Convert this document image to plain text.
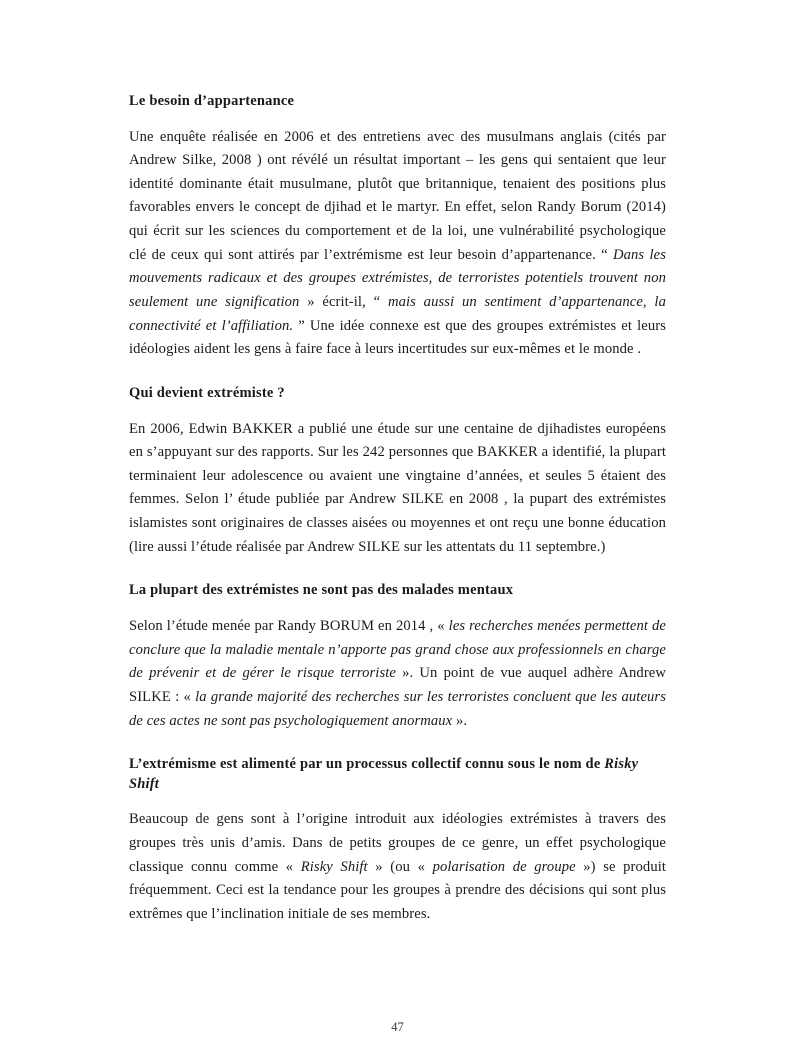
Le besoin d’appartenance

Une enquête réalisée en 2006 et des entretiens avec des musulmans anglais (cités par Andrew Silke, 2008 ) ont révélé un résultat important – les gens qui sentaient que leur identité dominante était musulmane, plutôt que britannique, tenaient des positions plus favorables envers le concept de djihad et le martyr. En effet, selon Randy Borum (2014) qui écrit sur les sciences du comportement et de la loi, une vulnérabilité psychologique clé de ceux qui sont attirés par l’extrémisme est leur besoin d’appartenance. “ Dans les mouvements radicaux et des groupes extrémistes, de terroristes potentiels trouvent non seulement une signification » écrit-il, “ mais aussi un sentiment d’appartenance, la connectivité et l’affiliation. ” Une idée connexe est que des groupes extrémistes et leurs idéologies aident les gens à faire face à leurs incertitudes sur eux-mêmes et le monde .

Qui devient extrémiste ?

En 2006, Edwin BAKKER a publié une étude sur une centaine de djihadistes européens en s’appuyant sur des rapports. Sur les 242 personnes que BAKKER a identifié, la plupart terminaient leur adolescence ou avaient une vingtaine d’années, et seules 5 étaient des femmes. Selon l’ étude publiée par Andrew SILKE en 2008 , la pupart des extrémistes islamistes sont originaires de classes aisées ou moyennes et ont reçu une bonne éducation (lire aussi l’étude réalisée par Andrew SILKE sur les attentats du 11 septembre.)

La plupart des extrémistes ne sont pas des malades mentaux

Selon l’étude menée par Randy BORUM en 2014 , « les recherches menées permettent de conclure que la maladie mentale n’apporte pas grand chose aux professionnels en charge de prévenir et de gérer le risque terroriste ». Un point de vue auquel adhère Andrew SILKE : « la grande majorité des recherches sur les terroristes concluent que les auteurs de ces actes ne sont pas psychologiquement anormaux ».

L’extrémisme est alimenté par un processus collectif connu sous le nom de Risky Shift

Beaucoup de gens sont à l’origine introduit aux idéologies extrémistes à travers des groupes très unis d’amis. Dans de petits groupes de ce genre, un effet psychologique classique connu comme « Risky Shift » (ou « polarisation de groupe ») se produit fréquemment. Ceci est la tendance pour les groupes à prendre des décisions qui sont plus extrêmes que l’inclination initiale de ses membres.

47
